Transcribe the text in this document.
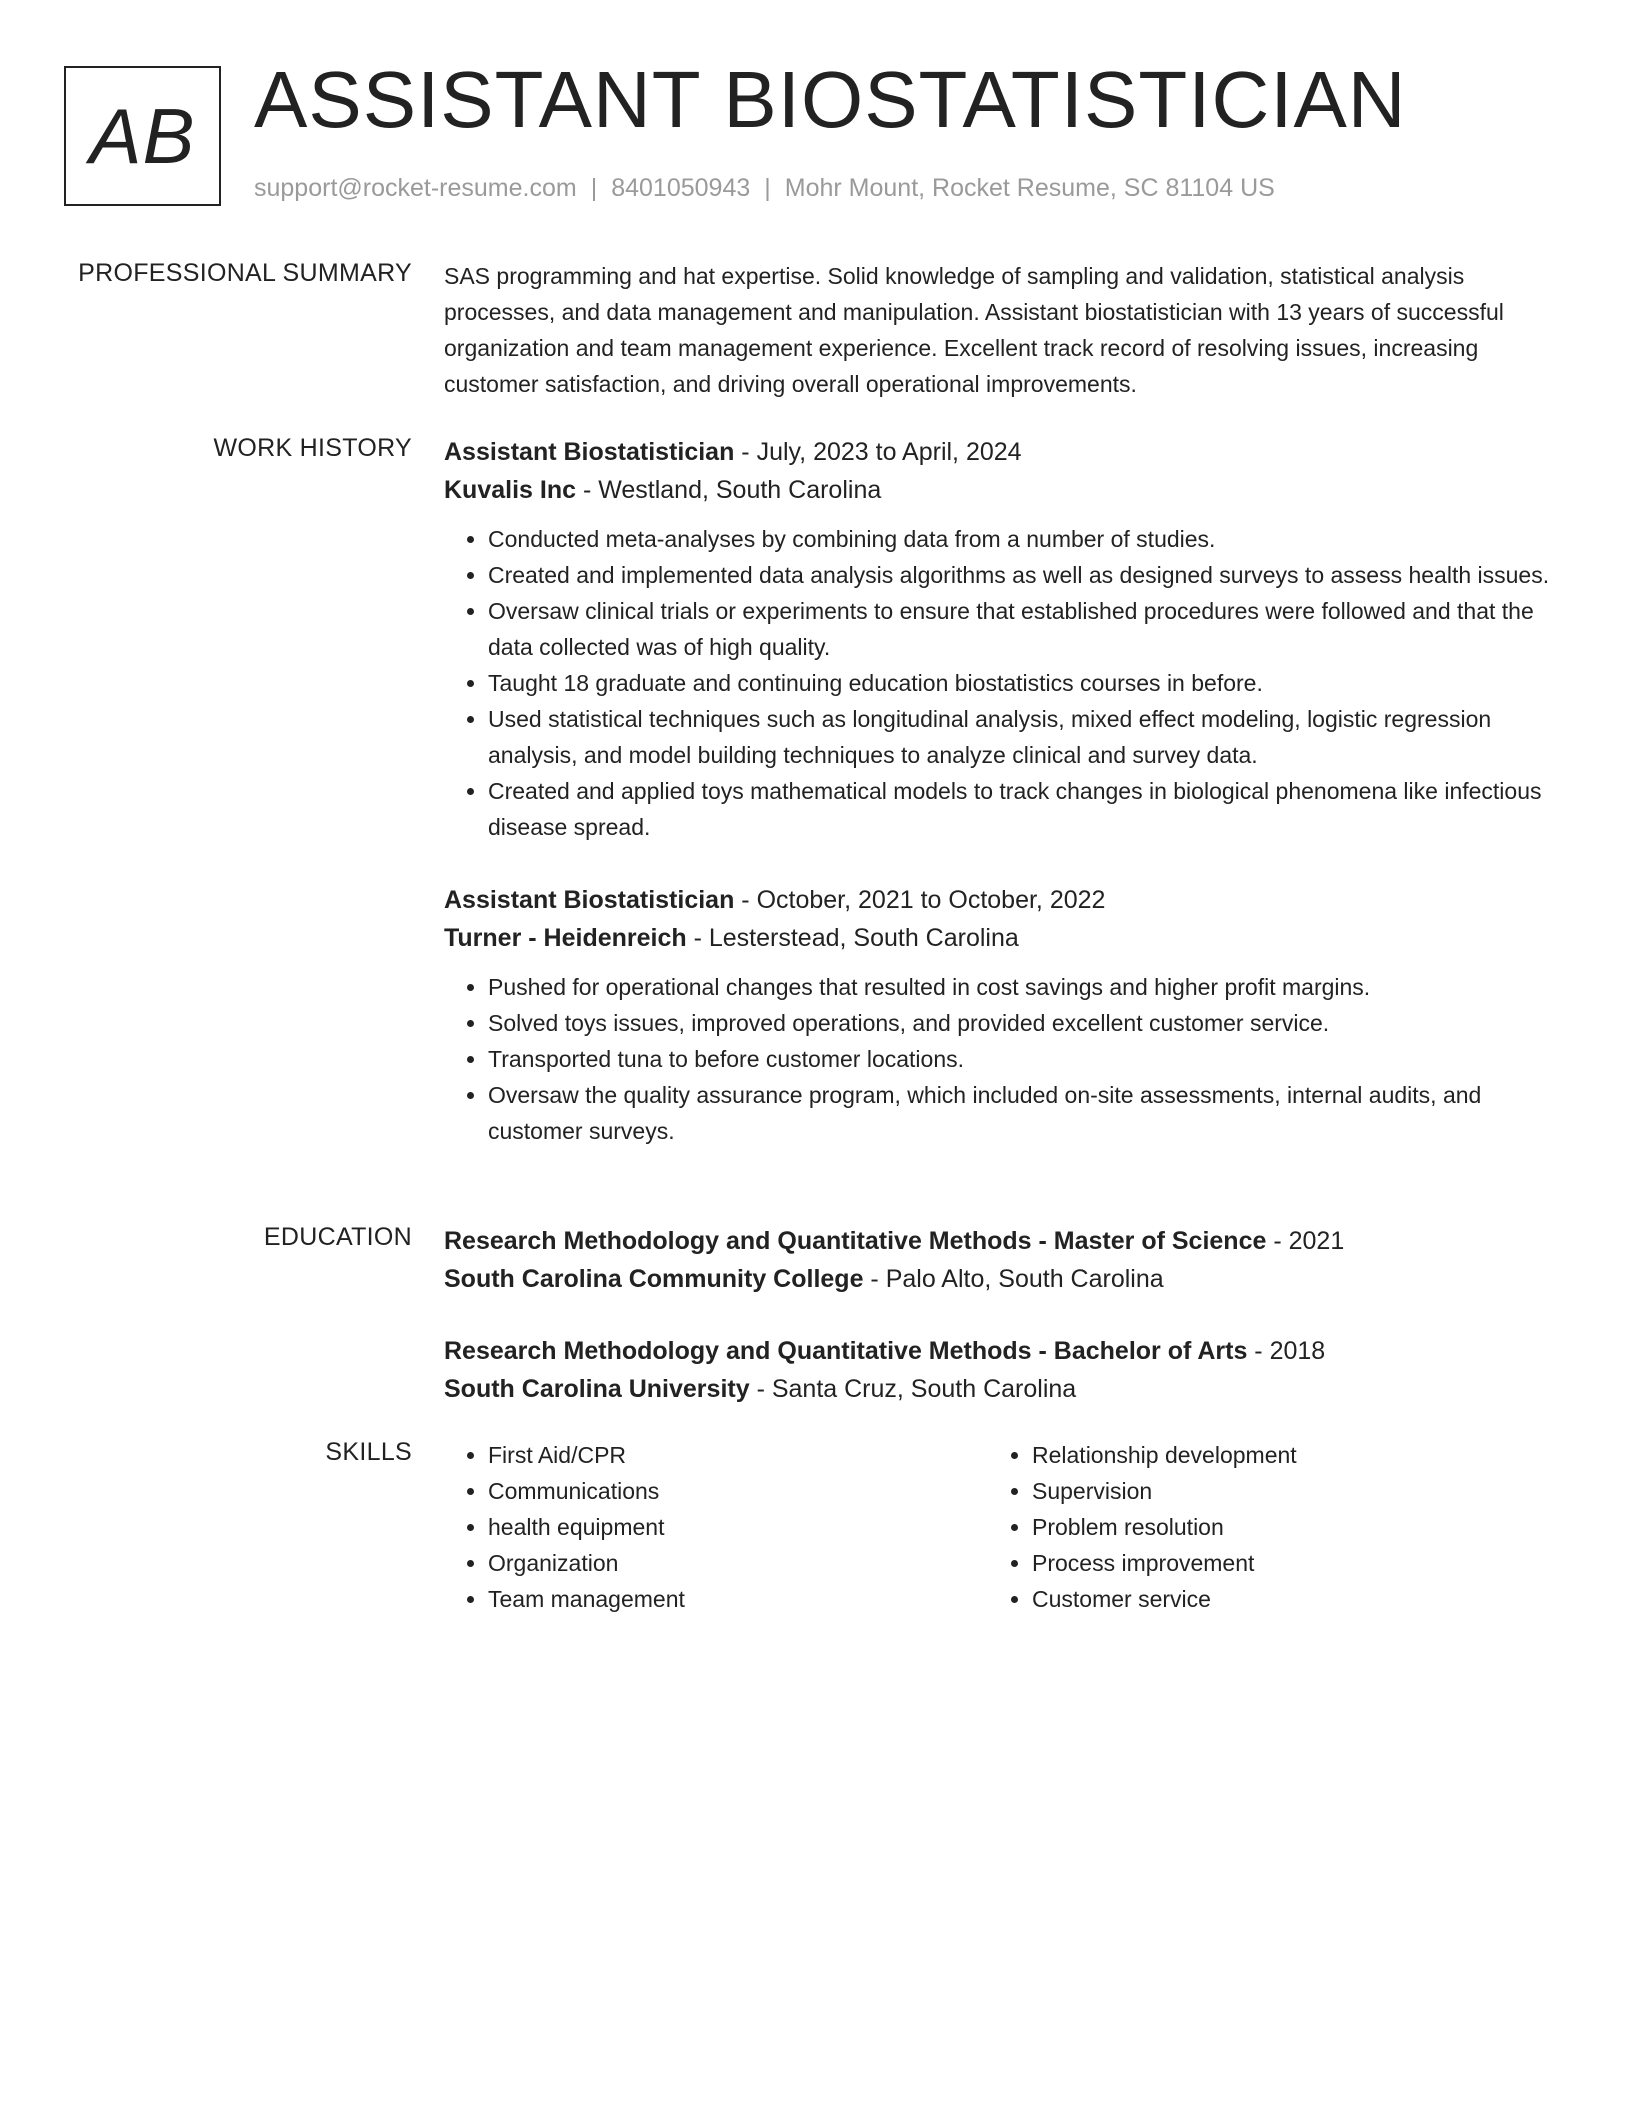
AB ASSISTANT BIOSTATISTICIAN
support@rocket-resume.com | 8401050943 | Mohr Mount, Rocket Resume, SC 81104 US
PROFESSIONAL SUMMARY SAS programming and hat expertise. Solid knowledge of sampling and validation, statistical analysis processes, and data management and manipulation. Assistant biostatistician with 13 years of successful organization and team management experience. Excellent track record of resolving issues, increasing customer satisfaction, and driving overall operational improvements.

WORK HISTORY Assistant Biostatistician - July, 2023 to April, 2024

Kuvalis Inc - Westland, South Carolina

• Conducted meta-analyses by combining data from a number of studies.
• Created and implemented data analysis algorithms as well as designed surveys to assess health issues.
• Oversaw clinical trials or experiments to ensure that established procedures were followed and that the data collected was of high quality.
• Taught 18 graduate and continuing education biostatistics courses in before.
• Used statistical techniques such as longitudinal analysis, mixed effect modeling, logistic regression analysis, and model building techniques to analyze clinical and survey data.
• Created and applied toys mathematical models to track changes in biological phenomena like infectious disease spread.

Assistant Biostatistician - October, 2021 to October, 2022

Turner - Heidenreich - Lesterstead, South Carolina

• Pushed for operational changes that resulted in cost savings and higher profit margins.
• Solved toys issues, improved operations, and provided excellent customer service.
• Transported tuna to before customer locations.
• Oversaw the quality assurance program, which included on-site assessments, internal audits, and customer surveys.
EDUCATION Research Methodology and Quantitative Methods - Master of Science - 2021

South Carolina Community College - Palo Alto, South Carolina

Research Methodology and Quantitative Methods - Bachelor of Arts - 2018

South Carolina University - Santa Cruz, South Carolina

SKILLS
•	First Aid/CPR
• Communications
• health equipment
• Organization
• Team management
• Relationship development
• Supervision
• Problem resolution
• Process improvement
• Customer service
